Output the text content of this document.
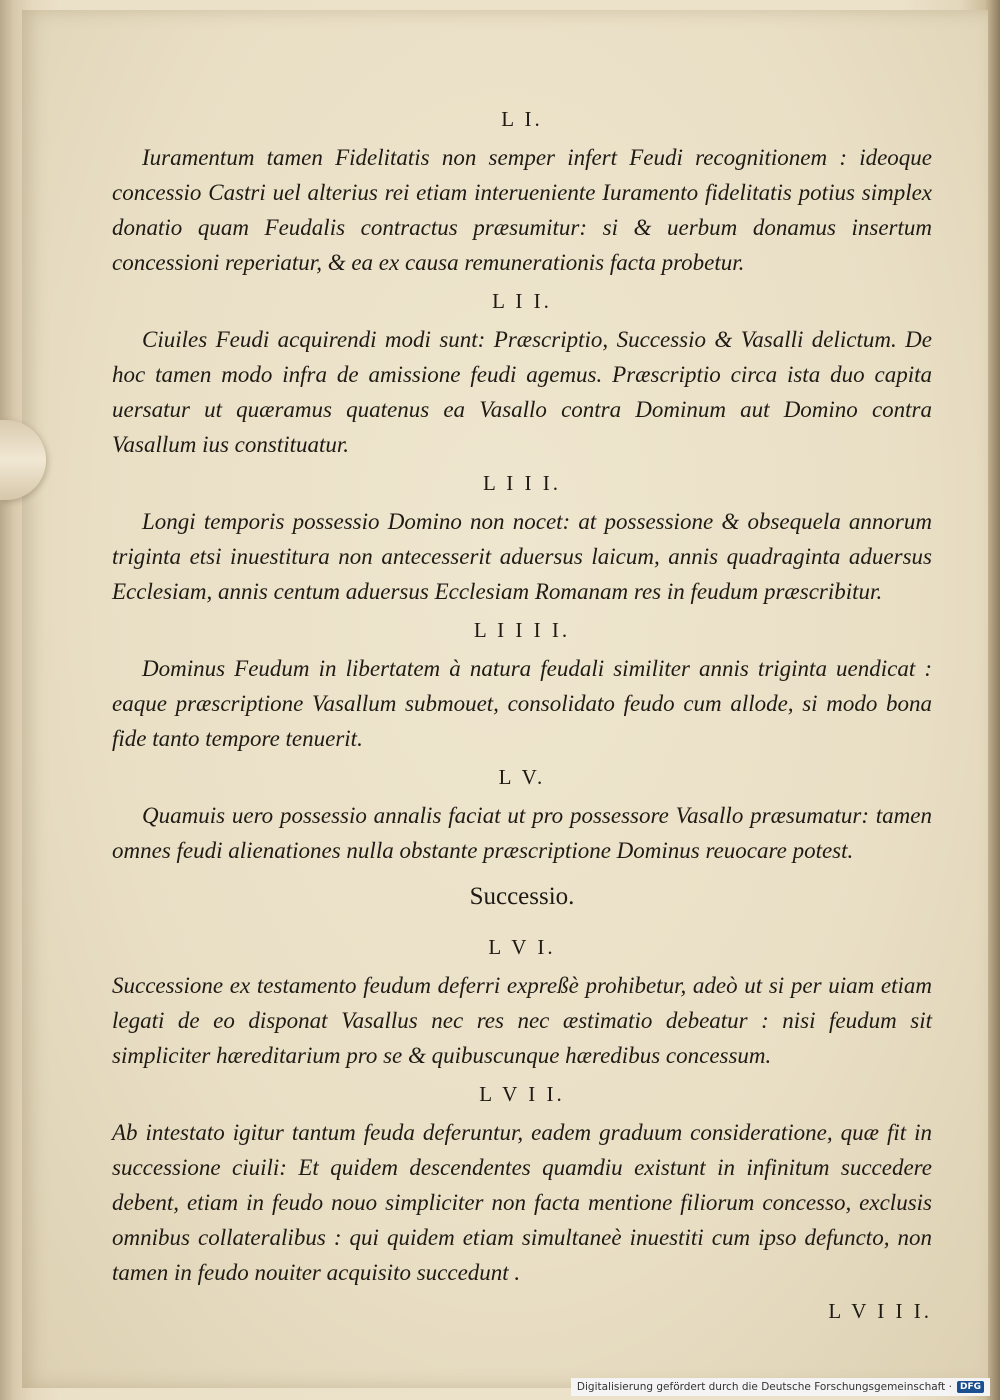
L I.

Iuramentum tamen Fidelitatis non semper infert Feudi recognitionem : ideoque concessio Castri uel alterius rei etiam interueniente Iuramento fidelitatis potius simplex donatio quam Feudalis contractus præsumitur: si & uerbum donamus insertum concessioni reperiatur, & ea ex causa remunerationis facta probetur.

L I I.

Ciuiles Feudi acquirendi modi sunt: Præscriptio, Successio & Vasalli delictum. De hoc tamen modo infra de amissione feudi agemus. Præscriptio circa ista duo capita uersatur ut quæramus quatenus ea Vasallo contra Dominum aut Domino contra Vasallum ius constituatur.

L I I I.

Longi temporis possessio Domino non nocet: at possessione & obsequela annorum triginta etsi inuestitura non antecesserit aduersus laicum, annis quadraginta aduersus Ecclesiam, annis centum aduersus Ecclesiam Romanam res in feudum præscribitur.

L I I I I.

Dominus Feudum in libertatem à natura feudali similiter annis triginta uendicat : eaque præscriptione Vasallum submouet, consolidato feudo cum allode, si modo bona fide tanto tempore tenuerit.

L V.

Quamuis uero possessio annalis faciat ut pro possessore Vasallo præsumatur: tamen omnes feudi alienationes nulla obstante præscriptione Dominus reuocare potest.

Successio.
L V I.

Successione ex testamento feudum deferri expreßè prohibetur, adeò ut si per uiam etiam legati de eo disponat Vasallus nec res nec æstimatio debeatur : nisi feudum sit simpliciter hæreditarium pro se & quibuscunque hæredibus concessum.

L V I I.

Ab intestato igitur tantum feuda deferuntur, eadem graduum consideratione, quæ fit in successione ciuili: Et quidem descendentes quamdiu existunt in infinitum succedere debent, etiam in feudo nouo simpliciter non facta mentione filiorum concesso, exclusis omnibus collateralibus : qui quidem etiam simultaneè inuestiti cum ipso defuncto, non tamen in feudo nouiter acquisito succedunt .

L V I I I.
Digitalisierung gefördert durch die Deutsche Forschungsgemeinschaft · DFG
